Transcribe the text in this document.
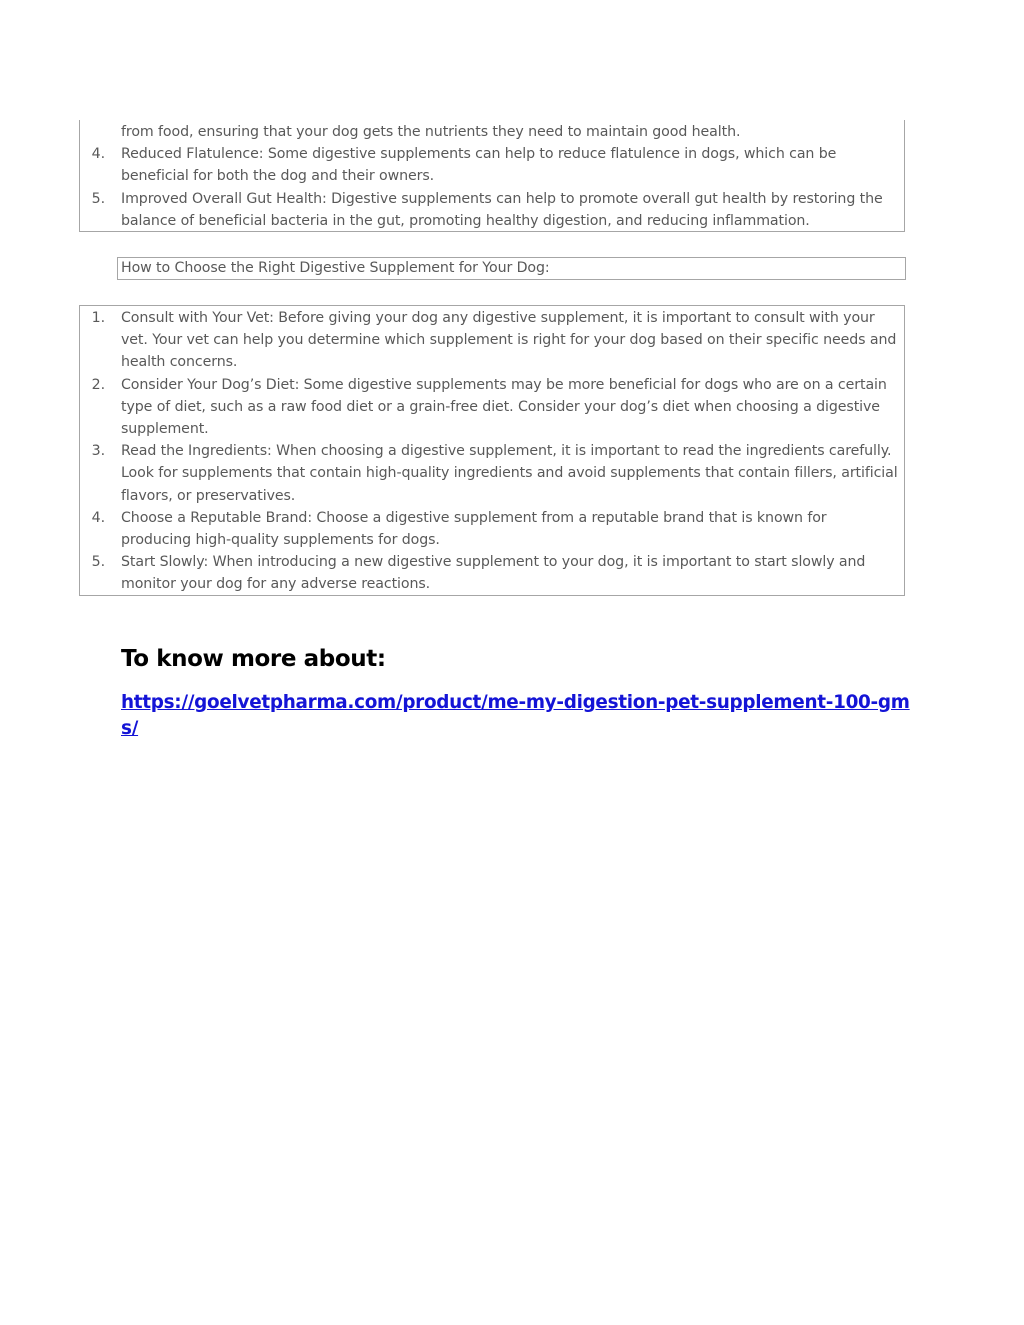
from food, ensuring that your dog gets the nutrients they need to maintain good health.
4. Reduced Flatulence: Some digestive supplements can help to reduce flatulence in dogs, which can be beneficial for both the dog and their owners.
5. Improved Overall Gut Health: Digestive supplements can help to promote overall gut health by restoring the balance of beneficial bacteria in the gut, promoting healthy digestion, and reducing inflammation.
How to Choose the Right Digestive Supplement for Your Dog:
1. Consult with Your Vet: Before giving your dog any digestive supplement, it is important to consult with your vet. Your vet can help you determine which supplement is right for your dog based on their specific needs and health concerns.
2. Consider Your Dog’s Diet: Some digestive supplements may be more beneficial for dogs who are on a certain type of diet, such as a raw food diet or a grain-free diet. Consider your dog’s diet when choosing a digestive supplement.
3. Read the Ingredients: When choosing a digestive supplement, it is important to read the ingredients carefully. Look for supplements that contain high-quality ingredients and avoid supplements that contain fillers, artificial flavors, or preservatives.
4. Choose a Reputable Brand: Choose a digestive supplement from a reputable brand that is known for producing high-quality supplements for dogs.
5. Start Slowly: When introducing a new digestive supplement to your dog, it is important to start slowly and monitor your dog for any adverse reactions.
To know more about:
https://goelvetpharma.com/product/me-my-digestion-pet-supplement-100-gms/
